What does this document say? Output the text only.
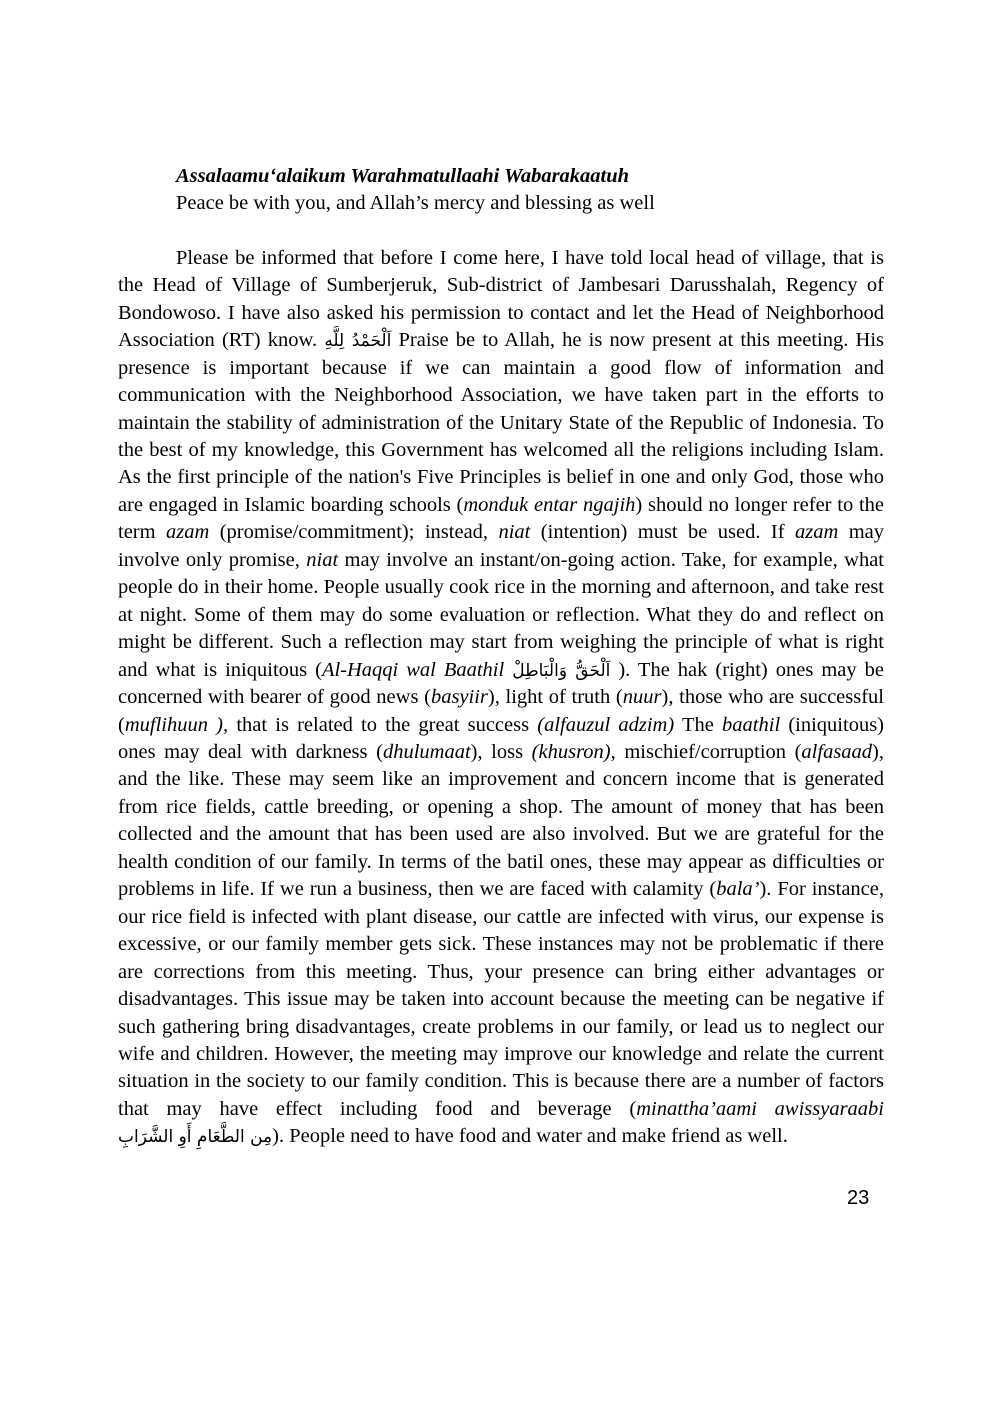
Assalaamu‘alaikum Warahmatullaahi Wabarakaatuh

Peace be with you, and Allah’s mercy and blessing as well

Please be informed that before I come here, I have told local head of village, that is the Head of Village of Sumberjeruk, Sub-district of Jambesari Darusshalah, Regency of Bondowoso. I have also asked his permission to contact and let the Head of Neighborhood Association (RT) know. اَلْحَمْدُ لِلَّهِ Praise be to Allah, he is now present at this meeting. His presence is important because if we can maintain a good flow of information and communication with the Neighborhood Association, we have taken part in the efforts to maintain the stability of administration of the Unitary State of the Republic of Indonesia. To the best of my knowledge, this Government has welcomed all the religions including Islam. As the first principle of the nation's Five Principles is belief in one and only God, those who are engaged in Islamic boarding schools (monduk entar ngajih) should no longer refer to the term azam (promise/commitment); instead, niat (intention) must be used. If azam may involve only promise, niat may involve an instant/on-going action. Take, for example, what people do in their home. People usually cook rice in the morning and afternoon, and take rest at night. Some of them may do some evaluation or reflection. What they do and reflect on might be different. Such a reflection may start from weighing the principle of what is right and what is iniquitous (Al-Haqqi wal Baathil اَلْحَقُّ وَالْبَاطِلْ ). The hak (right) ones may be concerned with bearer of good news (basyiir), light of truth (nuur), those who are successful (muflihuun ), that is related to the great success (alfauzul adzim) The baathil (iniquitous) ones may deal with darkness (dhulumaat), loss (khusron), mischief/corruption (alfasaad), and the like. These may seem like an improvement and concern income that is generated from rice fields, cattle breeding, or opening a shop. The amount of money that has been collected and the amount that has been used are also involved. But we are grateful for the health condition of our family. In terms of the batil ones, these may appear as difficulties or problems in life. If we run a business, then we are faced with calamity (bala’). For instance, our rice field is infected with plant disease, our cattle are infected with virus, our expense is excessive, or our family member gets sick. These instances may not be problematic if there are corrections from this meeting. Thus, your presence can bring either advantages or disadvantages. This issue may be taken into account because the meeting can be negative if such gathering bring disadvantages, create problems in our family, or lead us to neglect our wife and children. However, the meeting may improve our knowledge and relate the current situation in the society to our family condition. This is because there are a number of factors that may have effect including food and beverage (minattha’aami awissyaraabi مِن الطَّعَامِ أَوِ الشَّرَابِ). People need to have food and water and make friend as well.

23
